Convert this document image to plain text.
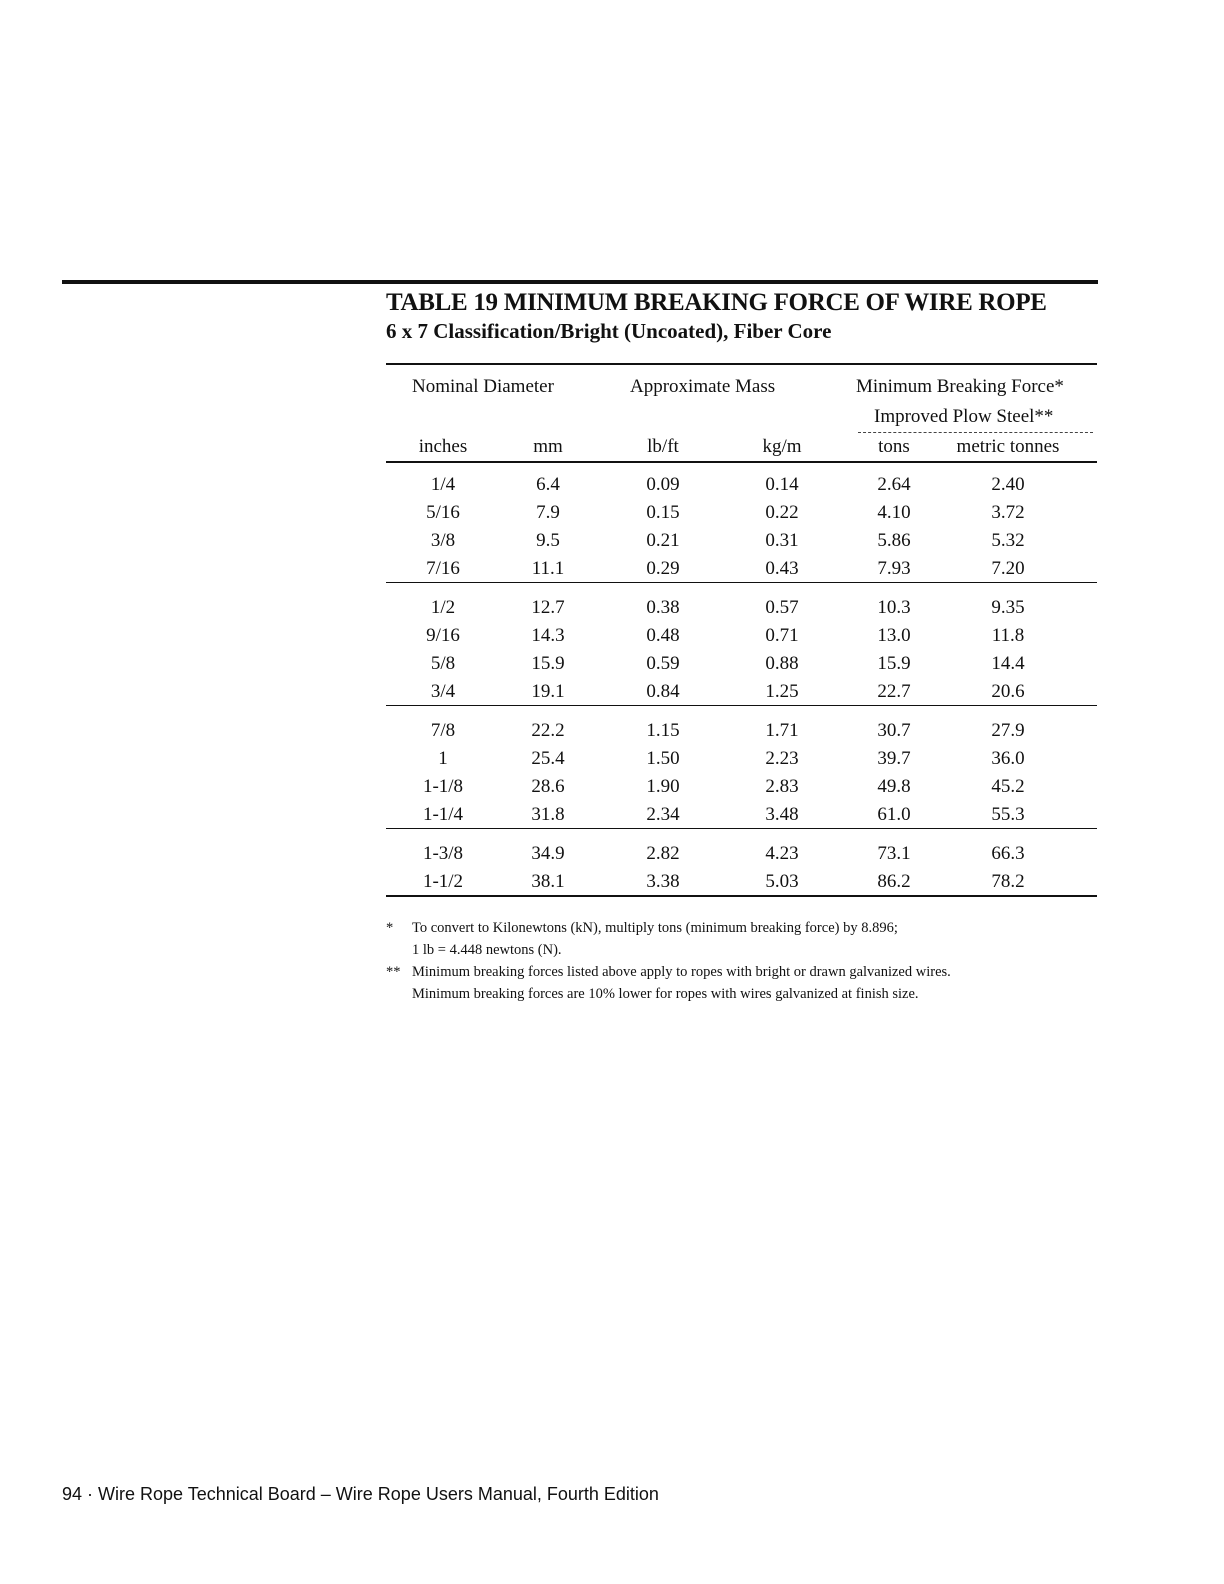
TABLE 19 MINIMUM BREAKING FORCE OF WIRE ROPE
6 x 7 Classification/Bright (Uncoated), Fiber Core
Nominal Diameter	Approximate Mass	Minimum Breaking Force*
Improved Plow Steel**
inches	mm	lb/ft	kg/m	tons	metric tonnes
1/4	6.4	0.09	0.14	2.64	2.40
5/16	7.9	0.15	0.22	4.10	3.72
3/8	9.5	0.21	0.31	5.86	5.32
7/16	11.1	0.29	0.43	7.93	7.20
1/2	12.7	0.38	0.57	10.3	9.35
9/16	14.3	0.48	0.71	13.0	11.8
5/8	15.9	0.59	0.88	15.9	14.4
3/4	19.1	0.84	1.25	22.7	20.6
7/8	22.2	1.15	1.71	30.7	27.9
1	25.4	1.50	2.23	39.7	36.0
1-1/8	28.6	1.90	2.83	49.8	45.2
1-1/4	31.8	2.34	3.48	61.0	55.3
1-3/8	34.9	2.82	4.23	73.1	66.3
1-1/2	38.1	3.38	5.03	86.2	78.2
* To convert to Kilonewtons (kN), multiply tons (minimum breaking force) by 8.896;
1 lb = 4.448 newtons (N).
** Minimum breaking forces listed above apply to ropes with bright or drawn galvanized wires.
Minimum breaking forces are 10% lower for ropes with wires galvanized at finish size.
94 · Wire Rope Technical Board – Wire Rope Users Manual, Fourth Edition
